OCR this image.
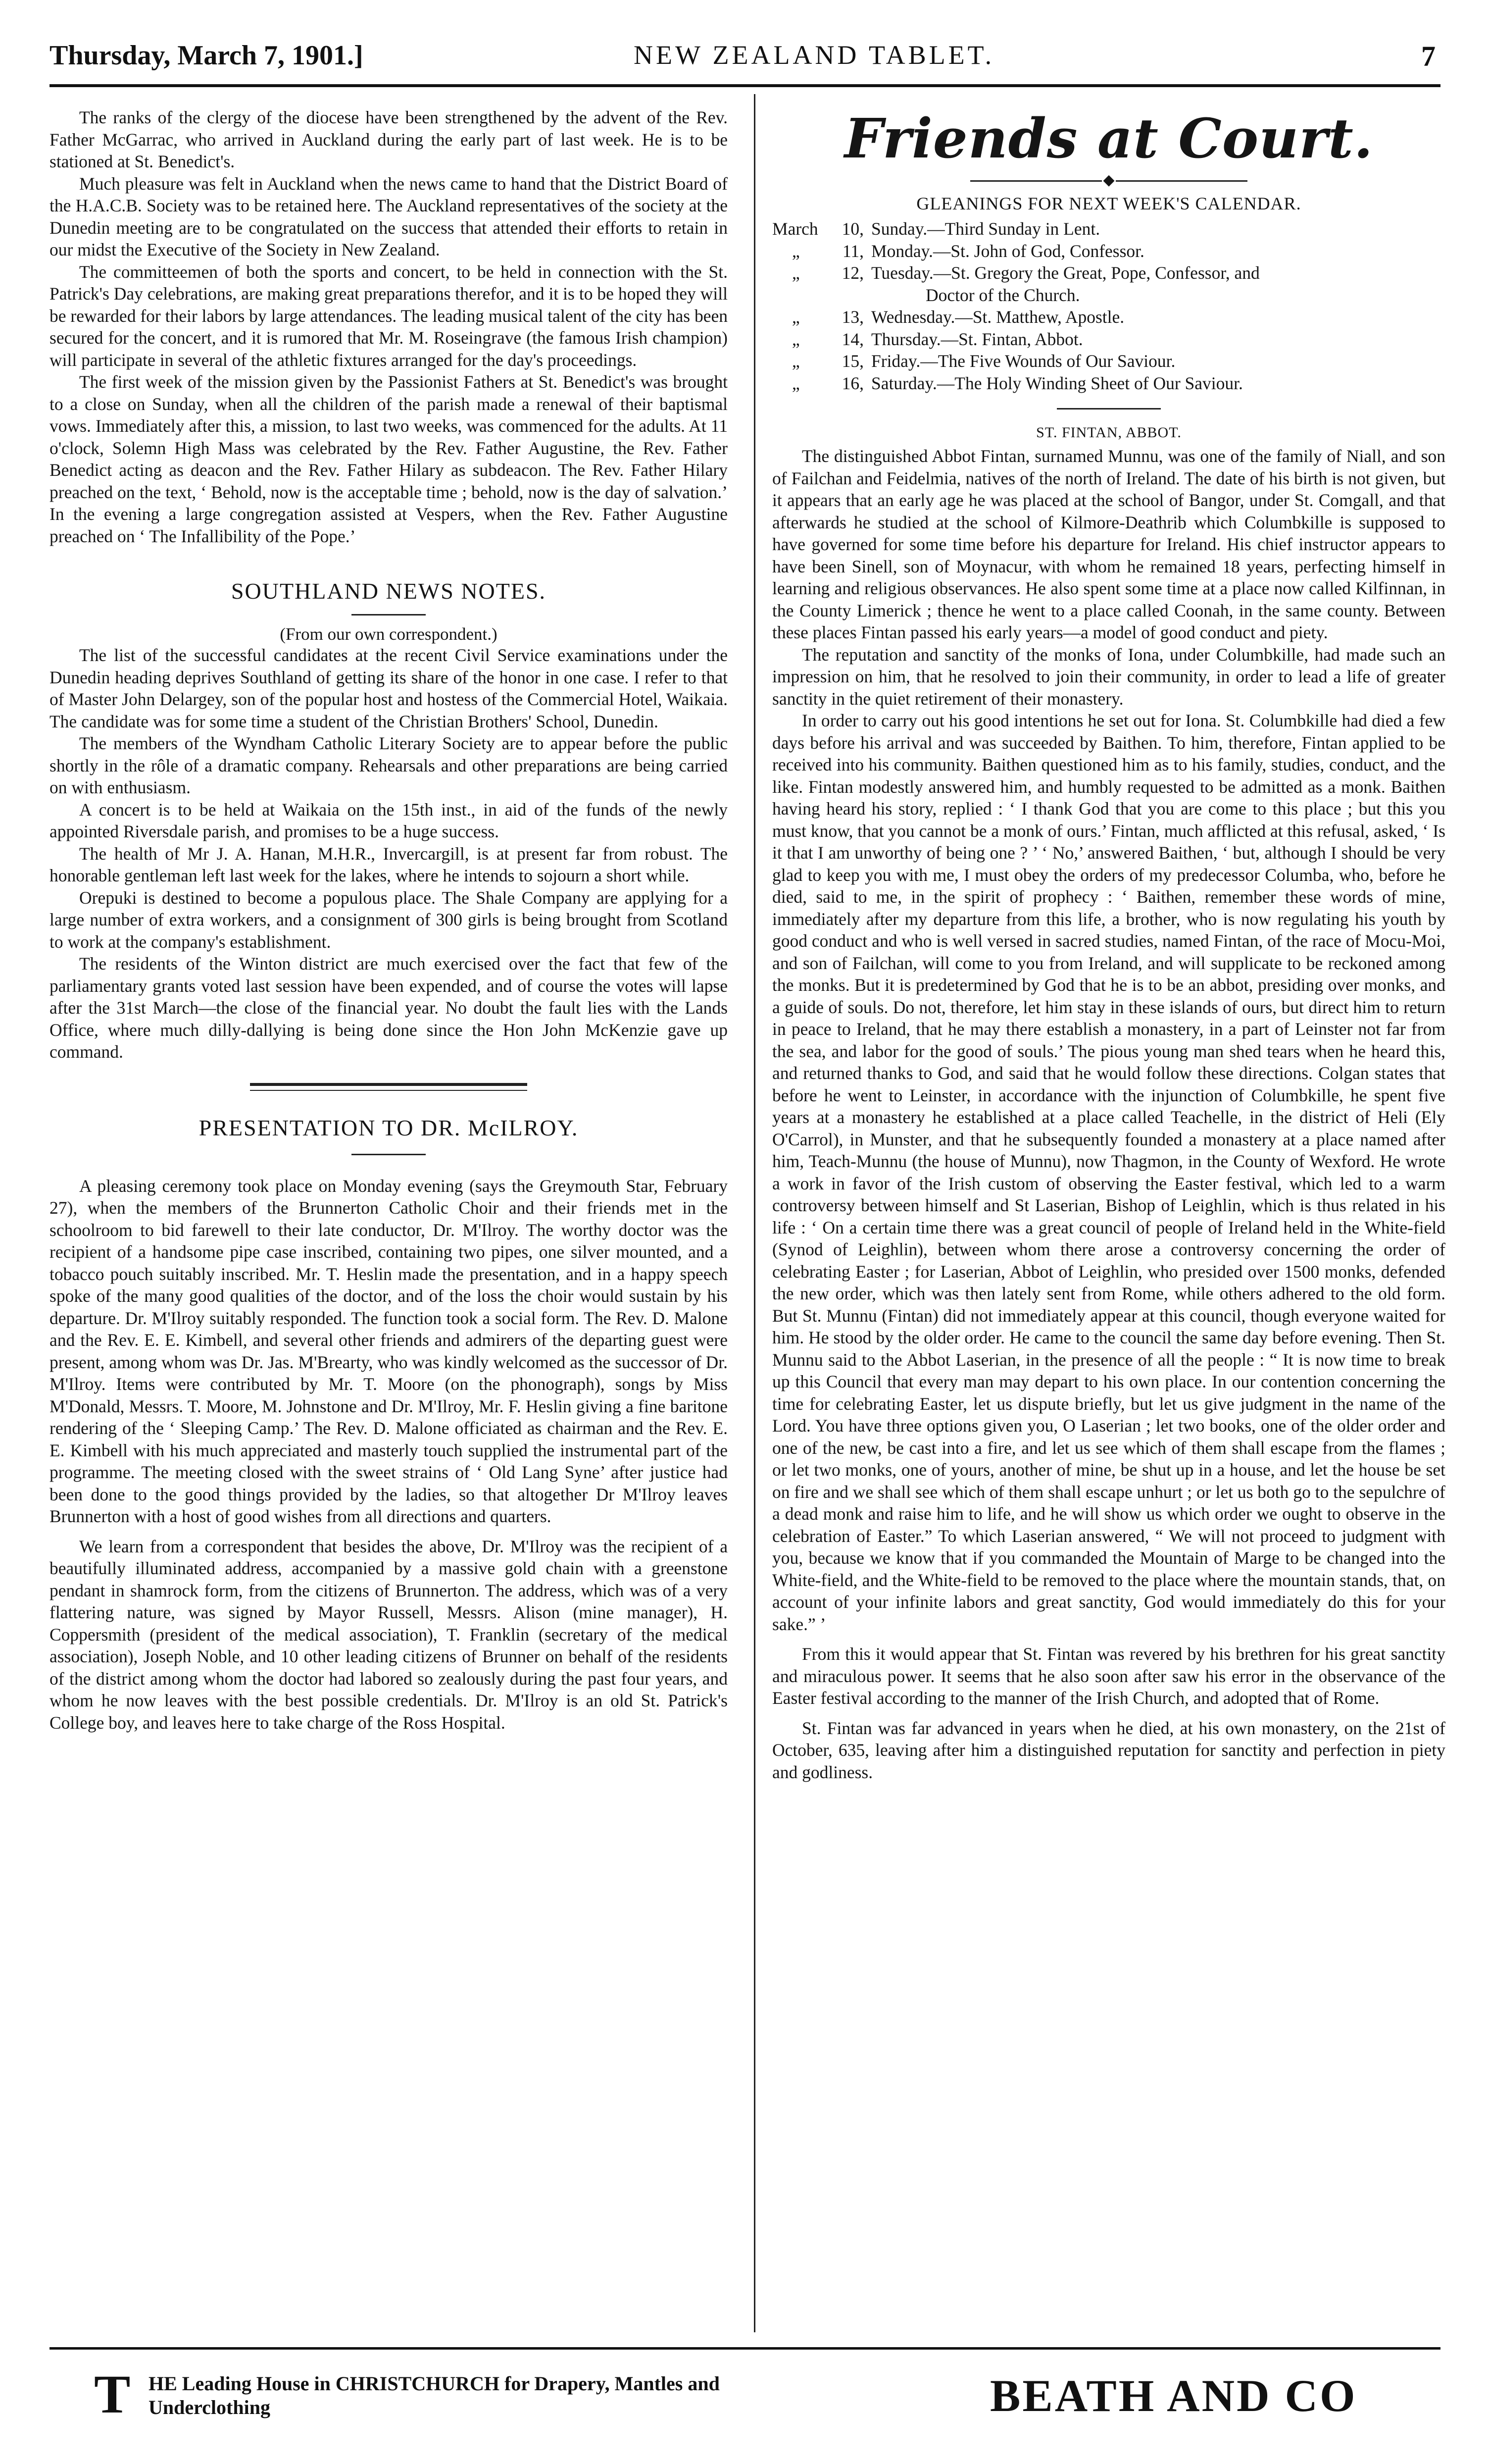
Thursday, March 7, 1901.]	NEW ZEALAND TABLET.	7

The ranks of the clergy of the diocese have been strengthened by the advent of the Rev. Father McGarrac, who arrived in Auckland during the early part of last week. He is to be stationed at St. Benedict's.

Much pleasure was felt in Auckland when the news came to hand that the District Board of the H.A.C.B. Society was to be retained here. The Auckland representatives of the society at the Dunedin meeting are to be congratulated on the success that attended their efforts to retain in our midst the Executive of the Society in New Zealand.

The committeemen of both the sports and concert, to be held in connection with the St. Patrick's Day celebrations, are making great preparations therefor, and it is to be hoped they will be rewarded for their labors by large attendances. The leading musical talent of the city has been secured for the concert, and it is rumored that Mr. M. Roseingrave (the famous Irish champion) will participate in several of the athletic fixtures arranged for the day's proceedings.

The first week of the mission given by the Passionist Fathers at St. Benedict's was brought to a close on Sunday, when all the children of the parish made a renewal of their baptismal vows. Immediately after this, a mission, to last two weeks, was commenced for the adults. At 11 o'clock, Solemn High Mass was celebrated by the Rev. Father Augustine, the Rev. Father Benedict acting as deacon and the Rev. Father Hilary as subdeacon. The Rev. Father Hilary preached on the text, ‘ Behold, now is the acceptable time ; behold, now is the day of salvation.’ In the evening a large congregation assisted at Vespers, when the Rev. Father Augustine preached on ‘ The Infallibility of the Pope.’

SOUTHLAND NEWS NOTES.

(From our own correspondent.)

The list of the successful candidates at the recent Civil Service examinations under the Dunedin heading deprives Southland of getting its share of the honor in one case. I refer to that of Master John Delargey, son of the popular host and hostess of the Commercial Hotel, Waikaia. The candidate was for some time a student of the Christian Brothers' School, Dunedin.

The members of the Wyndham Catholic Literary Society are to appear before the public shortly in the rôle of a dramatic company. Rehearsals and other preparations are being carried on with enthusiasm.

A concert is to be held at Waikaia on the 15th inst., in aid of the funds of the newly appointed Riversdale parish, and promises to be a huge success.

The health of Mr J. A. Hanan, M.H.R., Invercargill, is at present far from robust. The honorable gentleman left last week for the lakes, where he intends to sojourn a short while.

Orepuki is destined to become a populous place. The Shale Company are applying for a large number of extra workers, and a consignment of 300 girls is being brought from Scotland to work at the company's establishment.

The residents of the Winton district are much exercised over the fact that few of the parliamentary grants voted last session have been expended, and of course the votes will lapse after the 31st March—the close of the financial year. No doubt the fault lies with the Lands Office, where much dilly-dallying is being done since the Hon John McKenzie gave up command.

PRESENTATION TO DR. McILROY.

A pleasing ceremony took place on Monday evening (says the Greymouth Star, February 27), when the members of the Brunnerton Catholic Choir and their friends met in the schoolroom to bid farewell to their late conductor, Dr. M'Ilroy. The worthy doctor was the recipient of a handsome pipe case inscribed, containing two pipes, one silver mounted, and a tobacco pouch suitably inscribed. Mr. T. Heslin made the presentation, and in a happy speech spoke of the many good qualities of the doctor, and of the loss the choir would sustain by his departure. Dr. M'Ilroy suitably responded. The function took a social form. The Rev. D. Malone and the Rev. E. E. Kimbell, and several other friends and admirers of the departing guest were present, among whom was Dr. Jas. M'Brearty, who was kindly welcomed as the successor of Dr. M'Ilroy. Items were contributed by Mr. T. Moore (on the phonograph), songs by Miss M'Donald, Messrs. T. Moore, M. Johnstone and Dr. M'Ilroy, Mr. F. Heslin giving a fine baritone rendering of the ‘ Sleeping Camp.’ The Rev. D. Malone officiated as chairman and the Rev. E. E. Kimbell with his much appreciated and masterly touch supplied the instrumental part of the programme. The meeting closed with the sweet strains of ‘ Old Lang Syne’ after justice had been done to the good things provided by the ladies, so that altogether Dr M'Ilroy leaves Brunnerton with a host of good wishes from all directions and quarters.

We learn from a correspondent that besides the above, Dr. M'Ilroy was the recipient of a beautifully illuminated address, accompanied by a massive gold chain with a greenstone pendant in shamrock form, from the citizens of Brunnerton. The address, which was of a very flattering nature, was signed by Mayor Russell, Messrs. Alison (mine manager), H. Coppersmith (president of the medical association), T. Franklin (secretary of the medical association), Joseph Noble, and 10 other leading citizens of Brunner on behalf of the residents of the district among whom the doctor had labored so zealously during the past four years, and whom he now leaves with the best possible credentials. Dr. M'Ilroy is an old St. Patrick's College boy, and leaves here to take charge of the Ross Hospital.

Friends at Court.
◆

GLEANINGS FOR NEXT WEEK'S CALENDAR.

March	10, Sunday.—Third Sunday in Lent.
„	11, Monday.—St. John of God, Confessor.
„	12, Tuesday.—St. Gregory the Great, Pope, Confessor, and
Doctor of the Church.
„	13, Wednesday.—St. Matthew, Apostle.
„	14, Thursday.—St. Fintan, Abbot.
„	15, Friday.—The Five Wounds of Our Saviour.
„	16, Saturday.—The Holy Winding Sheet of Our Saviour.

ST. FINTAN, ABBOT.

The distinguished Abbot Fintan, surnamed Munnu, was one of the family of Niall, and son of Failchan and Feidelmia, natives of the north of Ireland. The date of his birth is not given, but it appears that an early age he was placed at the school of Bangor, under St. Comgall, and that afterwards he studied at the school of Kilmore-Deathrib which Columbkille is supposed to have governed for some time before his departure for Ireland. His chief instructor appears to have been Sinell, son of Moynacur, with whom he remained 18 years, perfecting himself in learning and religious observances. He also spent some time at a place now called Kilfinnan, in the County Limerick ; thence he went to a place called Coonah, in the same county. Between these places Fintan passed his early years—a model of good conduct and piety.

The reputation and sanctity of the monks of Iona, under Columbkille, had made such an impression on him, that he resolved to join their community, in order to lead a life of greater sanctity in the quiet retirement of their monastery.

In order to carry out his good intentions he set out for Iona. St. Columbkille had died a few days before his arrival and was succeeded by Baithen. To him, therefore, Fintan applied to be received into his community. Baithen questioned him as to his family, studies, conduct, and the like. Fintan modestly answered him, and humbly requested to be admitted as a monk. Baithen having heard his story, replied : ‘ I thank God that you are come to this place ; but this you must know, that you cannot be a monk of ours.’ Fintan, much afflicted at this refusal, asked, ‘ Is it that I am unworthy of being one ? ’ ‘ No,’ answered Baithen, ‘ but, although I should be very glad to keep you with me, I must obey the orders of my predecessor Columba, who, before he died, said to me, in the spirit of prophecy : ‘ Baithen, remember these words of mine, immediately after my departure from this life, a brother, who is now regulating his youth by good conduct and who is well versed in sacred studies, named Fintan, of the race of Mocu-Moi, and son of Failchan, will come to you from Ireland, and will supplicate to be reckoned among the monks. But it is predetermined by God that he is to be an abbot, presiding over monks, and a guide of souls. Do not, therefore, let him stay in these islands of ours, but direct him to return in peace to Ireland, that he may there establish a monastery, in a part of Leinster not far from the sea, and labor for the good of souls.’ The pious young man shed tears when he heard this, and returned thanks to God, and said that he would follow these directions. Colgan states that before he went to Leinster, in accordance with the injunction of Columbkille, he spent five years at a monastery he established at a place called Teachelle, in the district of Heli (Ely O'Carrol), in Munster, and that he subsequently founded a monastery at a place named after him, Teach-Munnu (the house of Munnu), now Thagmon, in the County of Wexford. He wrote a work in favor of the Irish custom of observing the Easter festival, which led to a warm controversy between himself and St Laserian, Bishop of Leighlin, which is thus related in his life : ‘ On a certain time there was a great council of people of Ireland held in the White-field (Synod of Leighlin), between whom there arose a controversy concerning the order of celebrating Easter ; for Laserian, Abbot of Leighlin, who presided over 1500 monks, defended the new order, which was then lately sent from Rome, while others adhered to the old form. But St. Munnu (Fintan) did not immediately appear at this council, though everyone waited for him. He stood by the older order. He came to the council the same day before evening. Then St. Munnu said to the Abbot Laserian, in the presence of all the people : “ It is now time to break up this Council that every man may depart to his own place. In our contention concerning the time for celebrating Easter, let us dispute briefly, but let us give judgment in the name of the Lord. You have three options given you, O Laserian ; let two books, one of the older order and one of the new, be cast into a fire, and let us see which of them shall escape from the flames ; or let two monks, one of yours, another of mine, be shut up in a house, and let the house be set on fire and we shall see which of them shall escape unhurt ; or let us both go to the sepulchre of a dead monk and raise him to life, and he will show us which order we ought to observe in the celebration of Easter.” To which Laserian answered, “ We will not proceed to judgment with you, because we know that if you commanded the Mountain of Marge to be changed into the White-field, and the White-field to be removed to the place where the mountain stands, that, on account of your infinite labors and great sanctity, God would immediately do this for your sake.” ’

From this it would appear that St. Fintan was revered by his brethren for his great sanctity and miraculous power. It seems that he also soon after saw his error in the observance of the Easter festival according to the manner of the Irish Church, and adopted that of Rome.

St. Fintan was far advanced in years when he died, at his own monastery, on the 21st of October, 635, leaving after him a distinguished reputation for sanctity and perfection in piety and godliness.

T HE Leading House in CHRISTCHURCH for Drapery, Mantles and
Underclothing	BEATH AND CO
